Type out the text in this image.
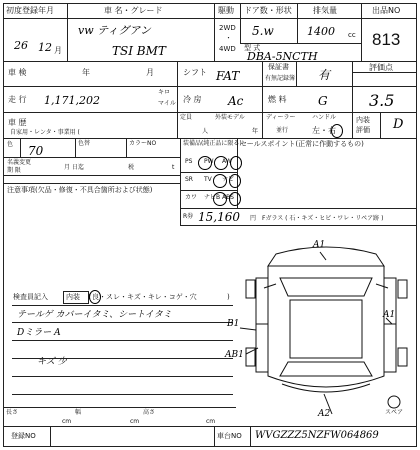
初度登録年月
26 12 月
車 名・グレード
vw ティグアン
TSI BMT
駆動 ドア数・形状	排気量
2WD
・
4WD
5.w	1400 cc
型 式
DBA-5NCTH
出品NO
813
車 検	年	月	シフト FAT
保証書
有無記録簿 有
評価点
3.5
走 行 1,171,202
キロ
マイル 冷 房 Ac	燃 料	G
内装
評価 D
車 歴
自家用・レンタ・事業用 (
定員
人
外装モデル
年
ディーラー
並行
ハンドル
左・右
色 70
色替	カラーNO
名義変更
期 限	月 日迄	税	t
装備品(純正品に限る)
セールスポイント(正常に作動するもの)
PS PW AW
SR TV ナビ
カワ ナビB ABS
R券 15,160 円 Fガラス ( 石・キズ・ヒビ・ワレ・リペア跡 )
注意事項(欠品・修復・不具合箇所および状態)
検査員記入	内装 ( 良・スレ・キズ・キレ・コゲ・穴	)
テールゲ カバーイタミ、シートイタミ
Dミラー A
キズ 少
A1
A1
B1
AB1
A2	スペア
長さ
cm
幅
cm
高さ
cm
登録NO	車台NO WVGZZZ5NZFW064869
